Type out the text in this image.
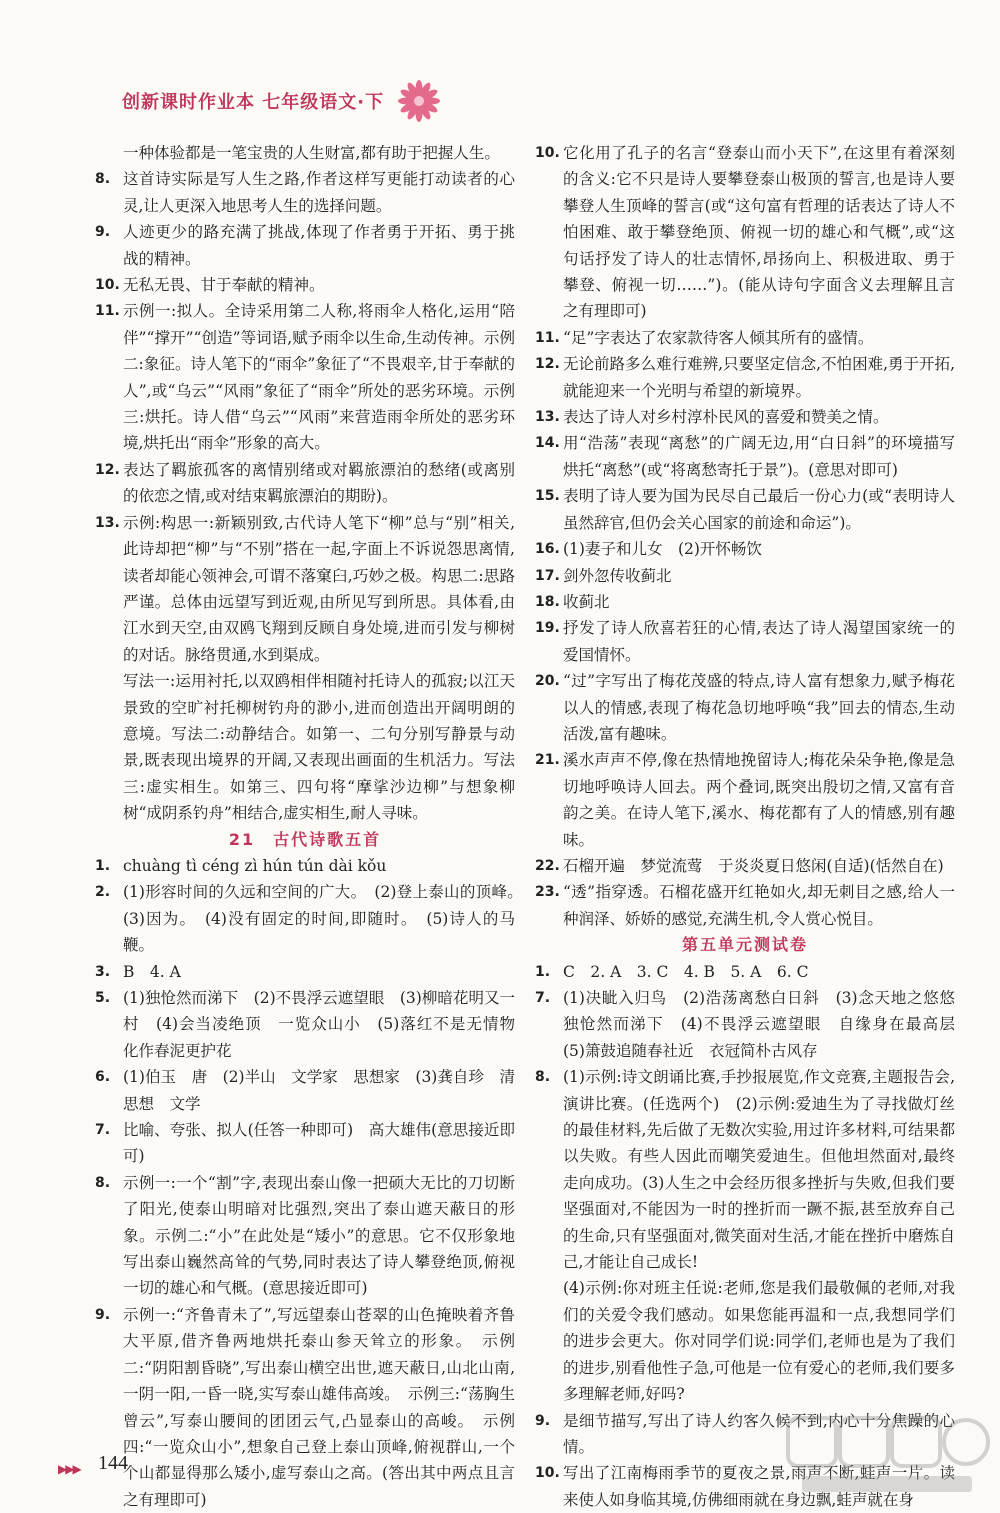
创新课时作业本 七年级语文·下
一种体验都是一笔宝贵的人生财富,都有助于把握人生。
8. 这首诗实际是写人生之路,作者这样写更能打动读者的心灵,让人更深入地思考人生的选择问题。
9. 人迹更少的路充满了挑战,体现了作者勇于开拓、勇于挑战的精神。
10. 无私无畏、甘于奉献的精神。
11. 示例一:拟人。全诗采用第二人称,将雨伞人格化,运用“陪伴”“撑开”“创造”等词语,赋予雨伞以生命,生动传神。示例二:象征。诗人笔下的“雨伞”象征了“不畏艰辛,甘于奉献的人”,或“乌云”“风雨”象征了“雨伞”所处的恶劣环境。示例三:烘托。诗人借“乌云”“风雨”来营造雨伞所处的恶劣环境,烘托出“雨伞”形象的高大。
12. 表达了羁旅孤客的离情别绪或对羁旅漂泊的愁绪(或离别的依恋之情,或对结束羁旅漂泊的期盼)。
13. 示例:构思一:新颖别致,古代诗人笔下“柳”总与“别”相关,此诗却把“柳”与“不别”搭在一起,字面上不诉说怨思离情,读者却能心领神会,可谓不落窠臼,巧妙之极。构思二:思路严谨。总体由远望写到近观,由所见写到所思。具体看,由江水到天空,由双鸥飞翔到反顾自身处境,进而引发与柳树的对话。脉络贯通,水到渠成。
写法一:运用衬托,以双鸥相伴相随衬托诗人的孤寂;以江天景致的空旷衬托柳树钓舟的渺小,进而创造出开阔明朗的意境。写法二:动静结合。如第一、二句分别写静景与动景,既表现出境界的开阔,又表现出画面的生机活力。写法三:虚实相生。如第三、四句将“摩挲沙边柳”与想象柳树“成阴系钓舟”相结合,虚实相生,耐人寻味。
21　古代诗歌五首
1. chuàng tì céng zì hún tún dài kǒu
2. (1)形容时间的久远和空间的广大。　(2)登上泰山的顶峰。　(3)因为。　(4)没有固定的时间,即随时。　(5)诗人的马鞭。
3. B　4. A
5. (1)独怆然而涕下　(2)不畏浮云遮望眼　(3)柳暗花明又一村　(4)会当凌绝顶　一览众山小　(5)落红不是无情物　化作春泥更护花
6. (1)伯玉　唐　(2)半山　文学家　思想家　(3)龚自珍　清　思想　文学
7. 比喻、夸张、拟人(任答一种即可)　高大雄伟(意思接近即可)
8. 示例一:一个“割”字,表现出泰山像一把硕大无比的刀切断了阳光,使泰山明暗对比强烈,突出了泰山遮天蔽日的形象。示例二:“小”在此处是“矮小”的意思。它不仅形象地写出泰山巍然高耸的气势,同时表达了诗人攀登绝顶,俯视一切的雄心和气概。(意思接近即可)
9. 示例一:“齐鲁青未了”,写远望泰山苍翠的山色掩映着齐鲁大平原,借齐鲁两地烘托泰山参天耸立的形象。　示例二:“阴阳割昏晓”,写出泰山横空出世,遮天蔽日,山北山南,一阴一阳,一昏一晓,实写泰山雄伟高竣。　示例三:“荡胸生曾云”,写泰山腰间的团团云气,凸显泰山的高峻。　示例四:“一览众山小”,想象自己登上泰山顶峰,俯视群山,一个个山都显得那么矮小,虚写泰山之高。(答出其中两点且言之有理即可)
10. 它化用了孔子的名言“登泰山而小天下”,在这里有着深刻的含义:它不只是诗人要攀登泰山极顶的誓言,也是诗人要攀登人生顶峰的誓言(或“这句富有哲理的话表达了诗人不怕困难、敢于攀登绝顶、俯视一切的雄心和气概”,或“这句话抒发了诗人的壮志情怀,昂扬向上、积极进取、勇于攀登、俯视一切……”)。(能从诗句字面含义去理解且言之有理即可)
11. “足”字表达了农家款待客人倾其所有的盛情。
12. 无论前路多么难行难辨,只要坚定信念,不怕困难,勇于开拓,就能迎来一个光明与希望的新境界。
13. 表达了诗人对乡村淳朴民风的喜爱和赞美之情。
14. 用“浩荡”表现“离愁”的广阔无边,用“白日斜”的环境描写烘托“离愁”(或“将离愁寄托于景”)。(意思对即可)
15. 表明了诗人要为国为民尽自己最后一份心力(或“表明诗人虽然辞官,但仍会关心国家的前途和命运”)。
16. (1)妻子和儿女　(2)开怀畅饮
17. 剑外忽传收蓟北
18. 收蓟北
19. 抒发了诗人欣喜若狂的心情,表达了诗人渴望国家统一的爱国情怀。
20. “过”字写出了梅花茂盛的特点,诗人富有想象力,赋予梅花以人的情感,表现了梅花急切地呼唤“我”回去的情态,生动活泼,富有趣味。
21. 溪水声声不停,像在热情地挽留诗人;梅花朵朵争艳,像是急切地呼唤诗人回去。两个叠词,既突出殷切之情,又富有音韵之美。在诗人笔下,溪水、梅花都有了人的情感,别有趣味。
22. 石榴开遍　梦觉流莺　于炎炎夏日悠闲(自适)(恬然自在)
23. “透”指穿透。石榴花盛开红艳如火,却无刺目之感,给人一种润泽、娇娇的感觉,充满生机,令人赏心悦目。
第五单元测试卷
1. C　2. A　3. C　4. B　5. A　6. C
7. (1)决眦入归鸟　(2)浩荡离愁白日斜　(3)念天地之悠悠　独怆然而涕下　(4)不畏浮云遮望眼　自缘身在最高层　(5)箫鼓追随春社近　衣冠简朴古风存
8. (1)示例:诗文朗诵比赛,手抄报展览,作文竞赛,主题报告会,演讲比赛。(任选两个)　(2)示例:爱迪生为了寻找做灯丝的最佳材料,先后做了无数次实验,用过许多材料,可结果都以失败。有些人因此而嘲笑爱迪生。但他坦然面对,最终走向成功。(3)人生之中会经历很多挫折与失败,但我们要坚强面对,不能因为一时的挫折而一蹶不振,甚至放弃自己的生命,只有坚强面对,微笑面对生活,才能在挫折中磨炼自己,才能让自己成长!
(4)示例:你对班主任说:老师,您是我们最敬佩的老师,对我们的关爱令我们感动。如果您能再温和一点,我想同学们的进步会更大。你对同学们说:同学们,老师也是为了我们的进步,别看他性子急,可他是一位有爱心的老师,我们要多多理解老师,好吗?
9. 是细节描写,写出了诗人约客久候不到,内心十分焦躁的心情。
10. 写出了江南梅雨季节的夏夜之景,雨声不断,蛙声一片。读来使人如身临其境,仿佛细雨就在身边飘,蛙声就在身
▶▶▶ 144
